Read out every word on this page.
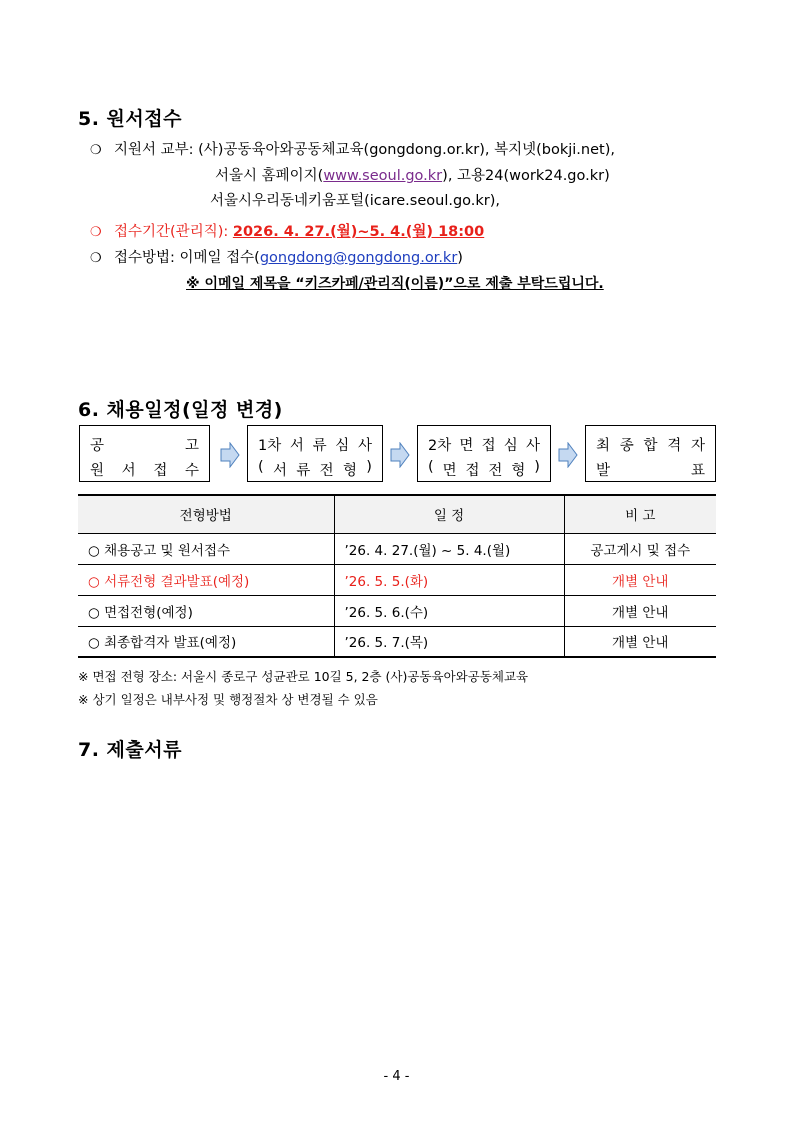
5. 원서접수
❍ 지원서 교부: (사)공동육아와공동체교육(gongdong.or.kr), 복지넷(bokji.net),
서울시 홈페이지(www.seoul.go.kr), 고용24(work24.go.kr)
서울시우리동네키움포털(icare.seoul.go.kr),
❍ 접수기간(관리직): 2026. 4. 27.(월)~5. 4.(월) 18:00
❍ 접수방법: 이메일 접수(gongdong@gongdong.or.kr)
※ 이메일 제목을 “키즈카페/관리직(이름)”으로 제출 부탁드립니다.
6. 채용일정(일정 변경)
공	고
원 서 접 수
1차 서 류 심 사
( 서 류 전 형 )
2차 면 접 심 사
( 면 접 전 형 )
최 종 합 격 자
발	표
전형방법	일 정	비 고
○ 채용공고 및 원서접수	’26. 4. 27.(월) ~ 5. 4.(월)	공고게시 및 접수
○ 서류전형 결과발표(예정)	’26. 5. 5.(화)	개별 안내
○ 면접전형(예정)	’26. 5. 6.(수)	개별 안내
○ 최종합격자 발표(예정)	’26. 5. 7.(목)	개별 안내
※ 면접 전형 장소: 서울시 종로구 성균관로 10길 5, 2층 (사)공동육아와공동체교육
※ 상기 일정은 내부사정 및 행정절차 상 변경될 수 있음
7. 제출서류
- 4 -
